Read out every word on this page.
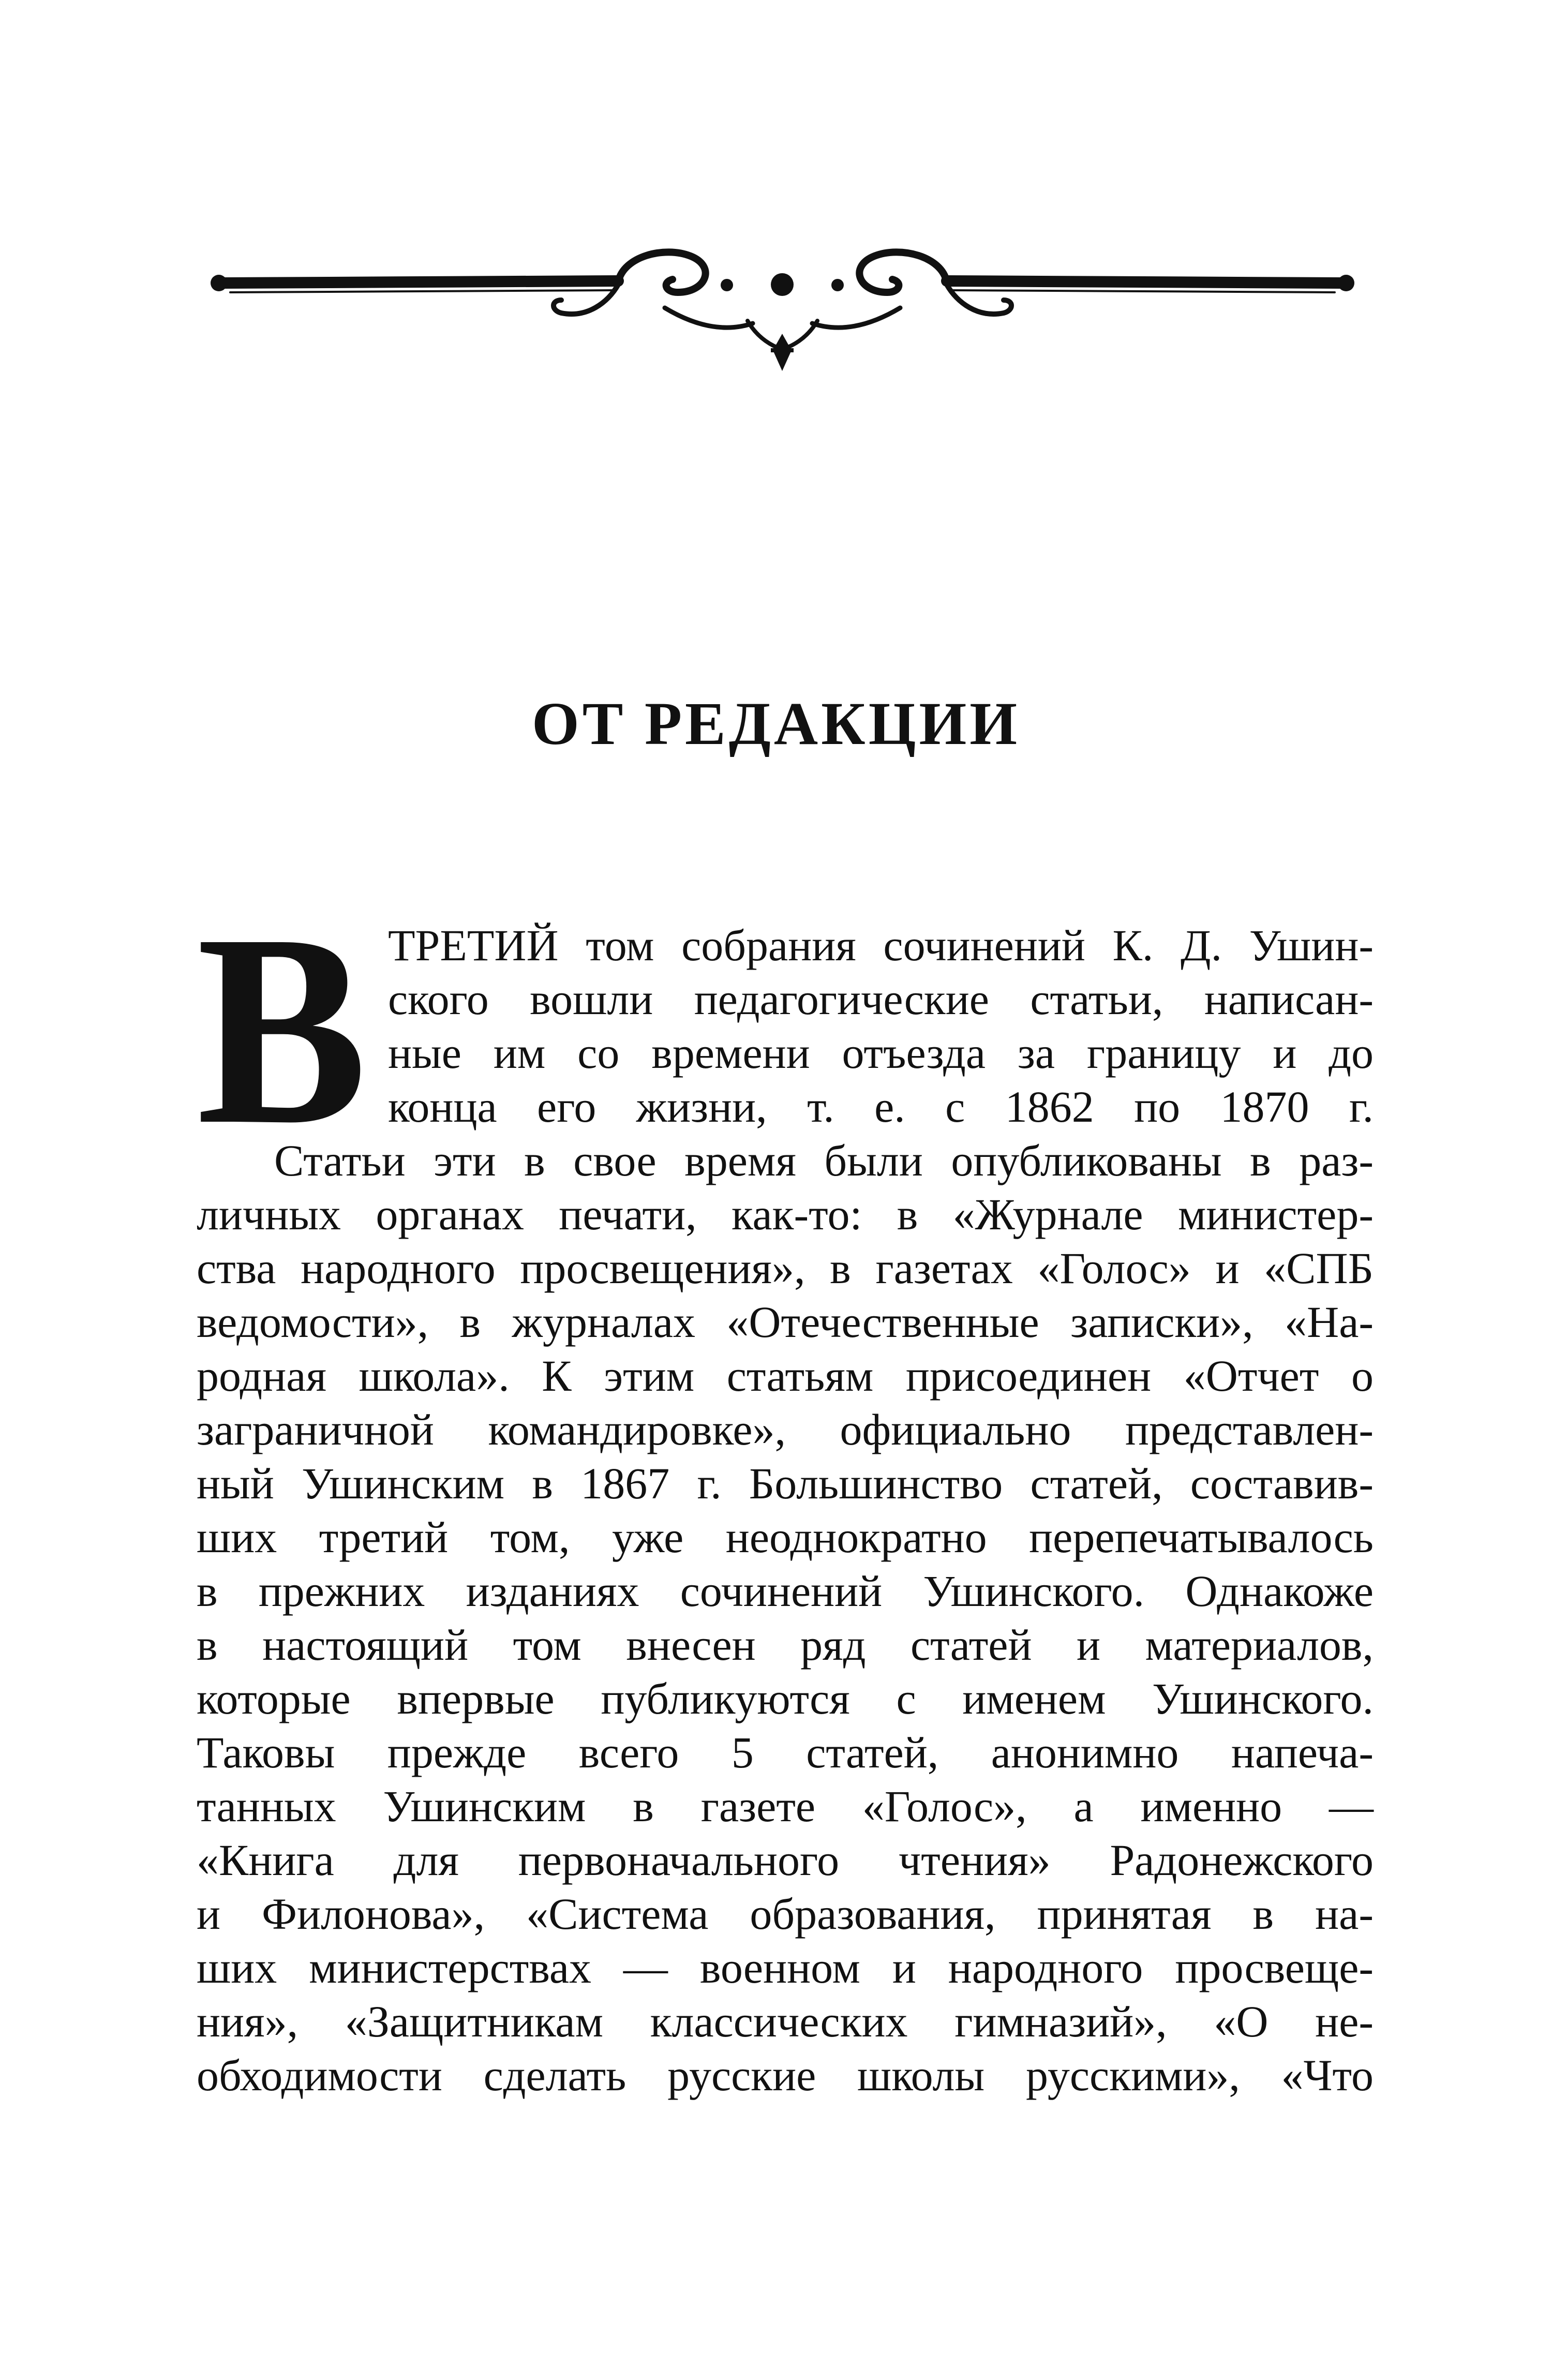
ОТ РЕДАКЦИИ
В ТРЕТИЙ том собрания сочинений К. Д. Ушин-
ского вошли педагогические статьи, написан-
ные им со времени отъезда за границу и до
конца его жизни, т. е. с 1862 по 1870 г.
Статьи эти в свое время были опубликованы в раз-
личных органах печати, как-то: в «Журнале министер-
ства народного просвещения», в газетах «Голос» и «СПБ
ведомости», в журналах «Отечественные записки», «На-
родная школа». К этим статьям присоединен «Отчет о
заграничной командировке», официально представлен-
ный Ушинским в 1867 г. Большинство статей, составив-
ших третий том, уже неоднократно перепечатывалось
в прежних изданиях сочинений Ушинского. Однакоже
в настоящий том внесен ряд статей и материалов,
которые впервые публикуются с именем Ушинского.
Таковы прежде всего 5 статей, анонимно напеча-
танных Ушинским в газете «Голос», а именно —
«Книга для первоначального чтения» Радонежского
и Филонова», «Система образования, принятая в на-
ших министерствах — военном и народного просвеще-
ния», «Защитникам классических гимназий», «О не-
обходимости сделать русские школы русскими», «Что
